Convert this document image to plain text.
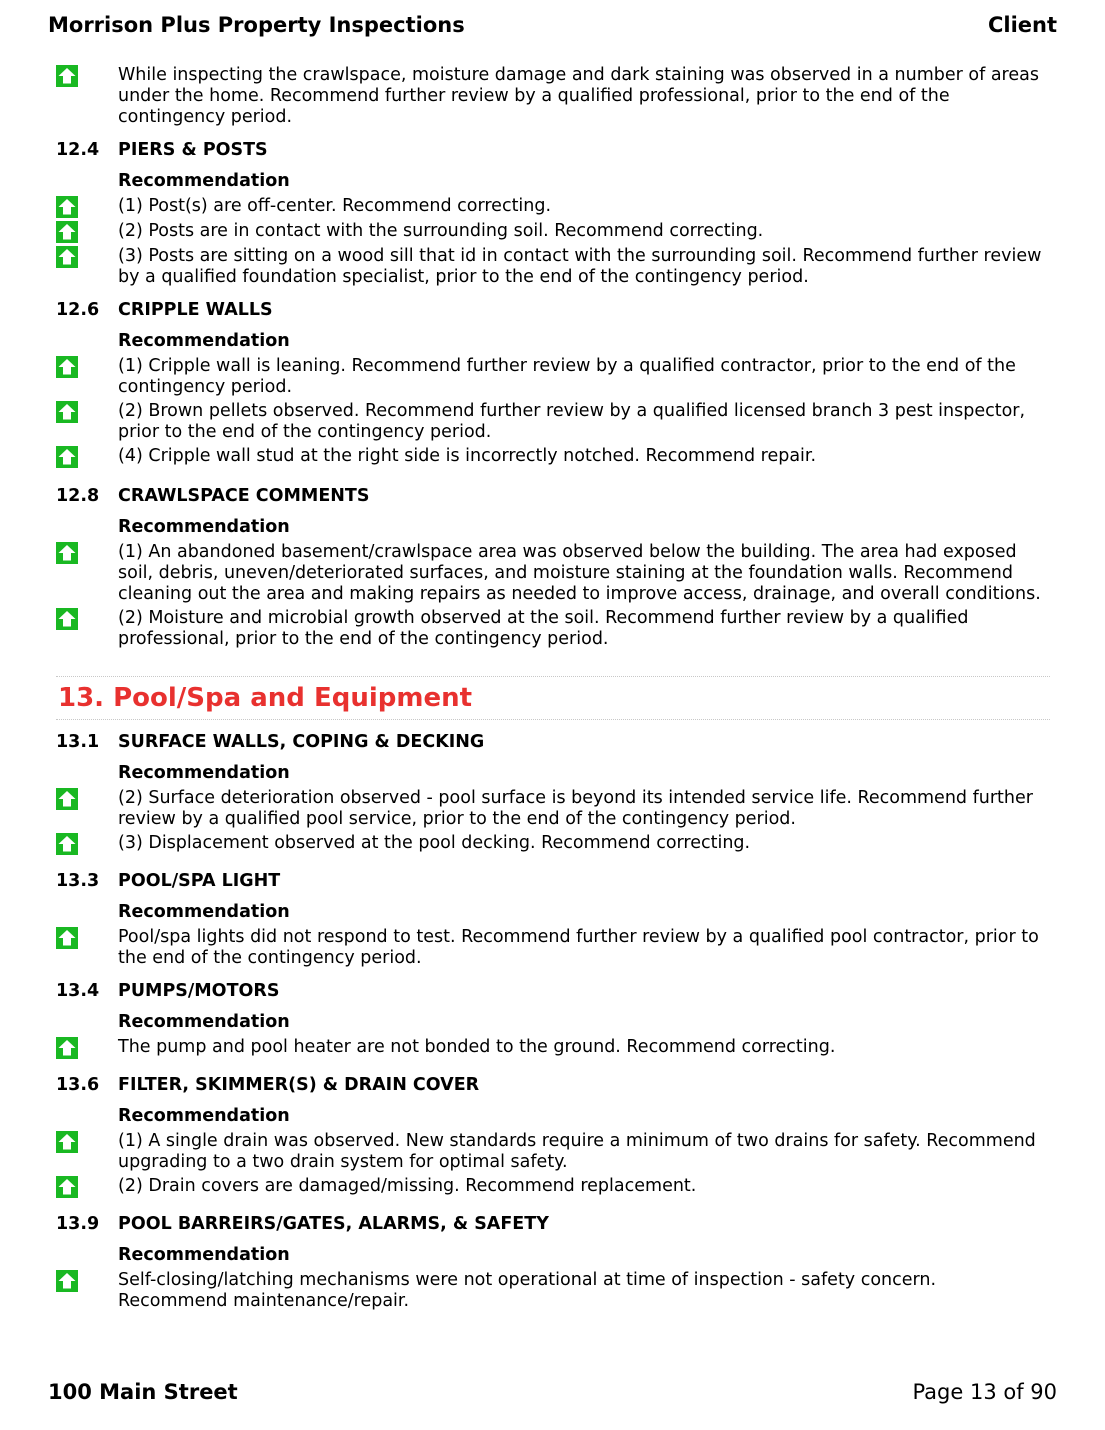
Morrison Plus Property Inspections	Client
While inspecting the crawlspace, moisture damage and dark staining was observed in a number of areas under the home. Recommend further review by a qualified professional, prior to the end of the contingency period.
12.4	PIERS & POSTS
Recommendation
(1) Post(s) are off-center. Recommend correcting.
(2) Posts are in contact with the surrounding soil. Recommend correcting.
(3) Posts are sitting on a wood sill that id in contact with the surrounding soil. Recommend further review by a qualified foundation specialist, prior to the end of the contingency period.
12.6	CRIPPLE WALLS
Recommendation
(1) Cripple wall is leaning. Recommend further review by a qualified contractor, prior to the end of the contingency period.
(2) Brown pellets observed. Recommend further review by a qualified licensed branch 3 pest inspector, prior to the end of the contingency period.
(4) Cripple wall stud at the right side is incorrectly notched. Recommend repair.
12.8	CRAWLSPACE COMMENTS
Recommendation
(1) An abandoned basement/crawlspace area was observed below the building. The area had exposed soil, debris, uneven/deteriorated surfaces, and moisture staining at the foundation walls. Recommend cleaning out the area and making repairs as needed to improve access, drainage, and overall conditions.
(2) Moisture and microbial growth observed at the soil. Recommend further review by a qualified professional, prior to the end of the contingency period.
13. Pool/Spa and Equipment
13.1	SURFACE WALLS, COPING & DECKING
Recommendation
(2) Surface deterioration observed - pool surface is beyond its intended service life. Recommend further review by a qualified pool service, prior to the end of the contingency period.
(3) Displacement observed at the pool decking. Recommend correcting.
13.3	POOL/SPA LIGHT
Recommendation
Pool/spa lights did not respond to test. Recommend further review by a qualified pool contractor, prior to the end of the contingency period.
13.4	PUMPS/MOTORS
Recommendation
The pump and pool heater are not bonded to the ground. Recommend correcting.
13.6	FILTER, SKIMMER(S) & DRAIN COVER
Recommendation
(1) A single drain was observed. New standards require a minimum of two drains for safety. Recommend upgrading to a two drain system for optimal safety.
(2) Drain covers are damaged/missing. Recommend replacement.
13.9	POOL BARREIRS/GATES, ALARMS, & SAFETY
Recommendation
Self-closing/latching mechanisms were not operational at time of inspection - safety concern. Recommend maintenance/repair.
100 Main Street	Page 13 of 90
